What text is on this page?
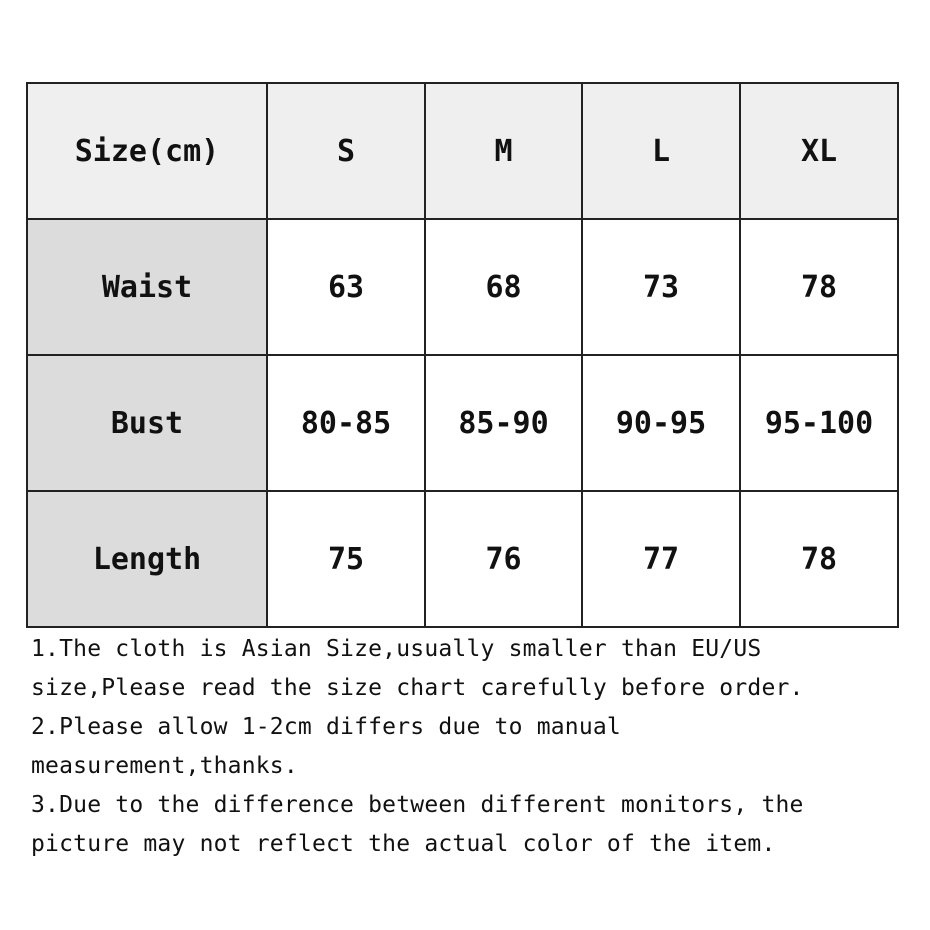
Size(cm)	S	M	L	XL
Waist	63	68	73	78
Bust	80-85	85-90	90-95	95-100
Length	75	76	77	78

1.The cloth is Asian Size,usually smaller than EU/US size,Please read the size chart carefully before order.

2.Please allow 1-2cm differs due to manual measurement,thanks.

3.Due to the difference between different monitors, the picture may not reflect the actual color of the item.
